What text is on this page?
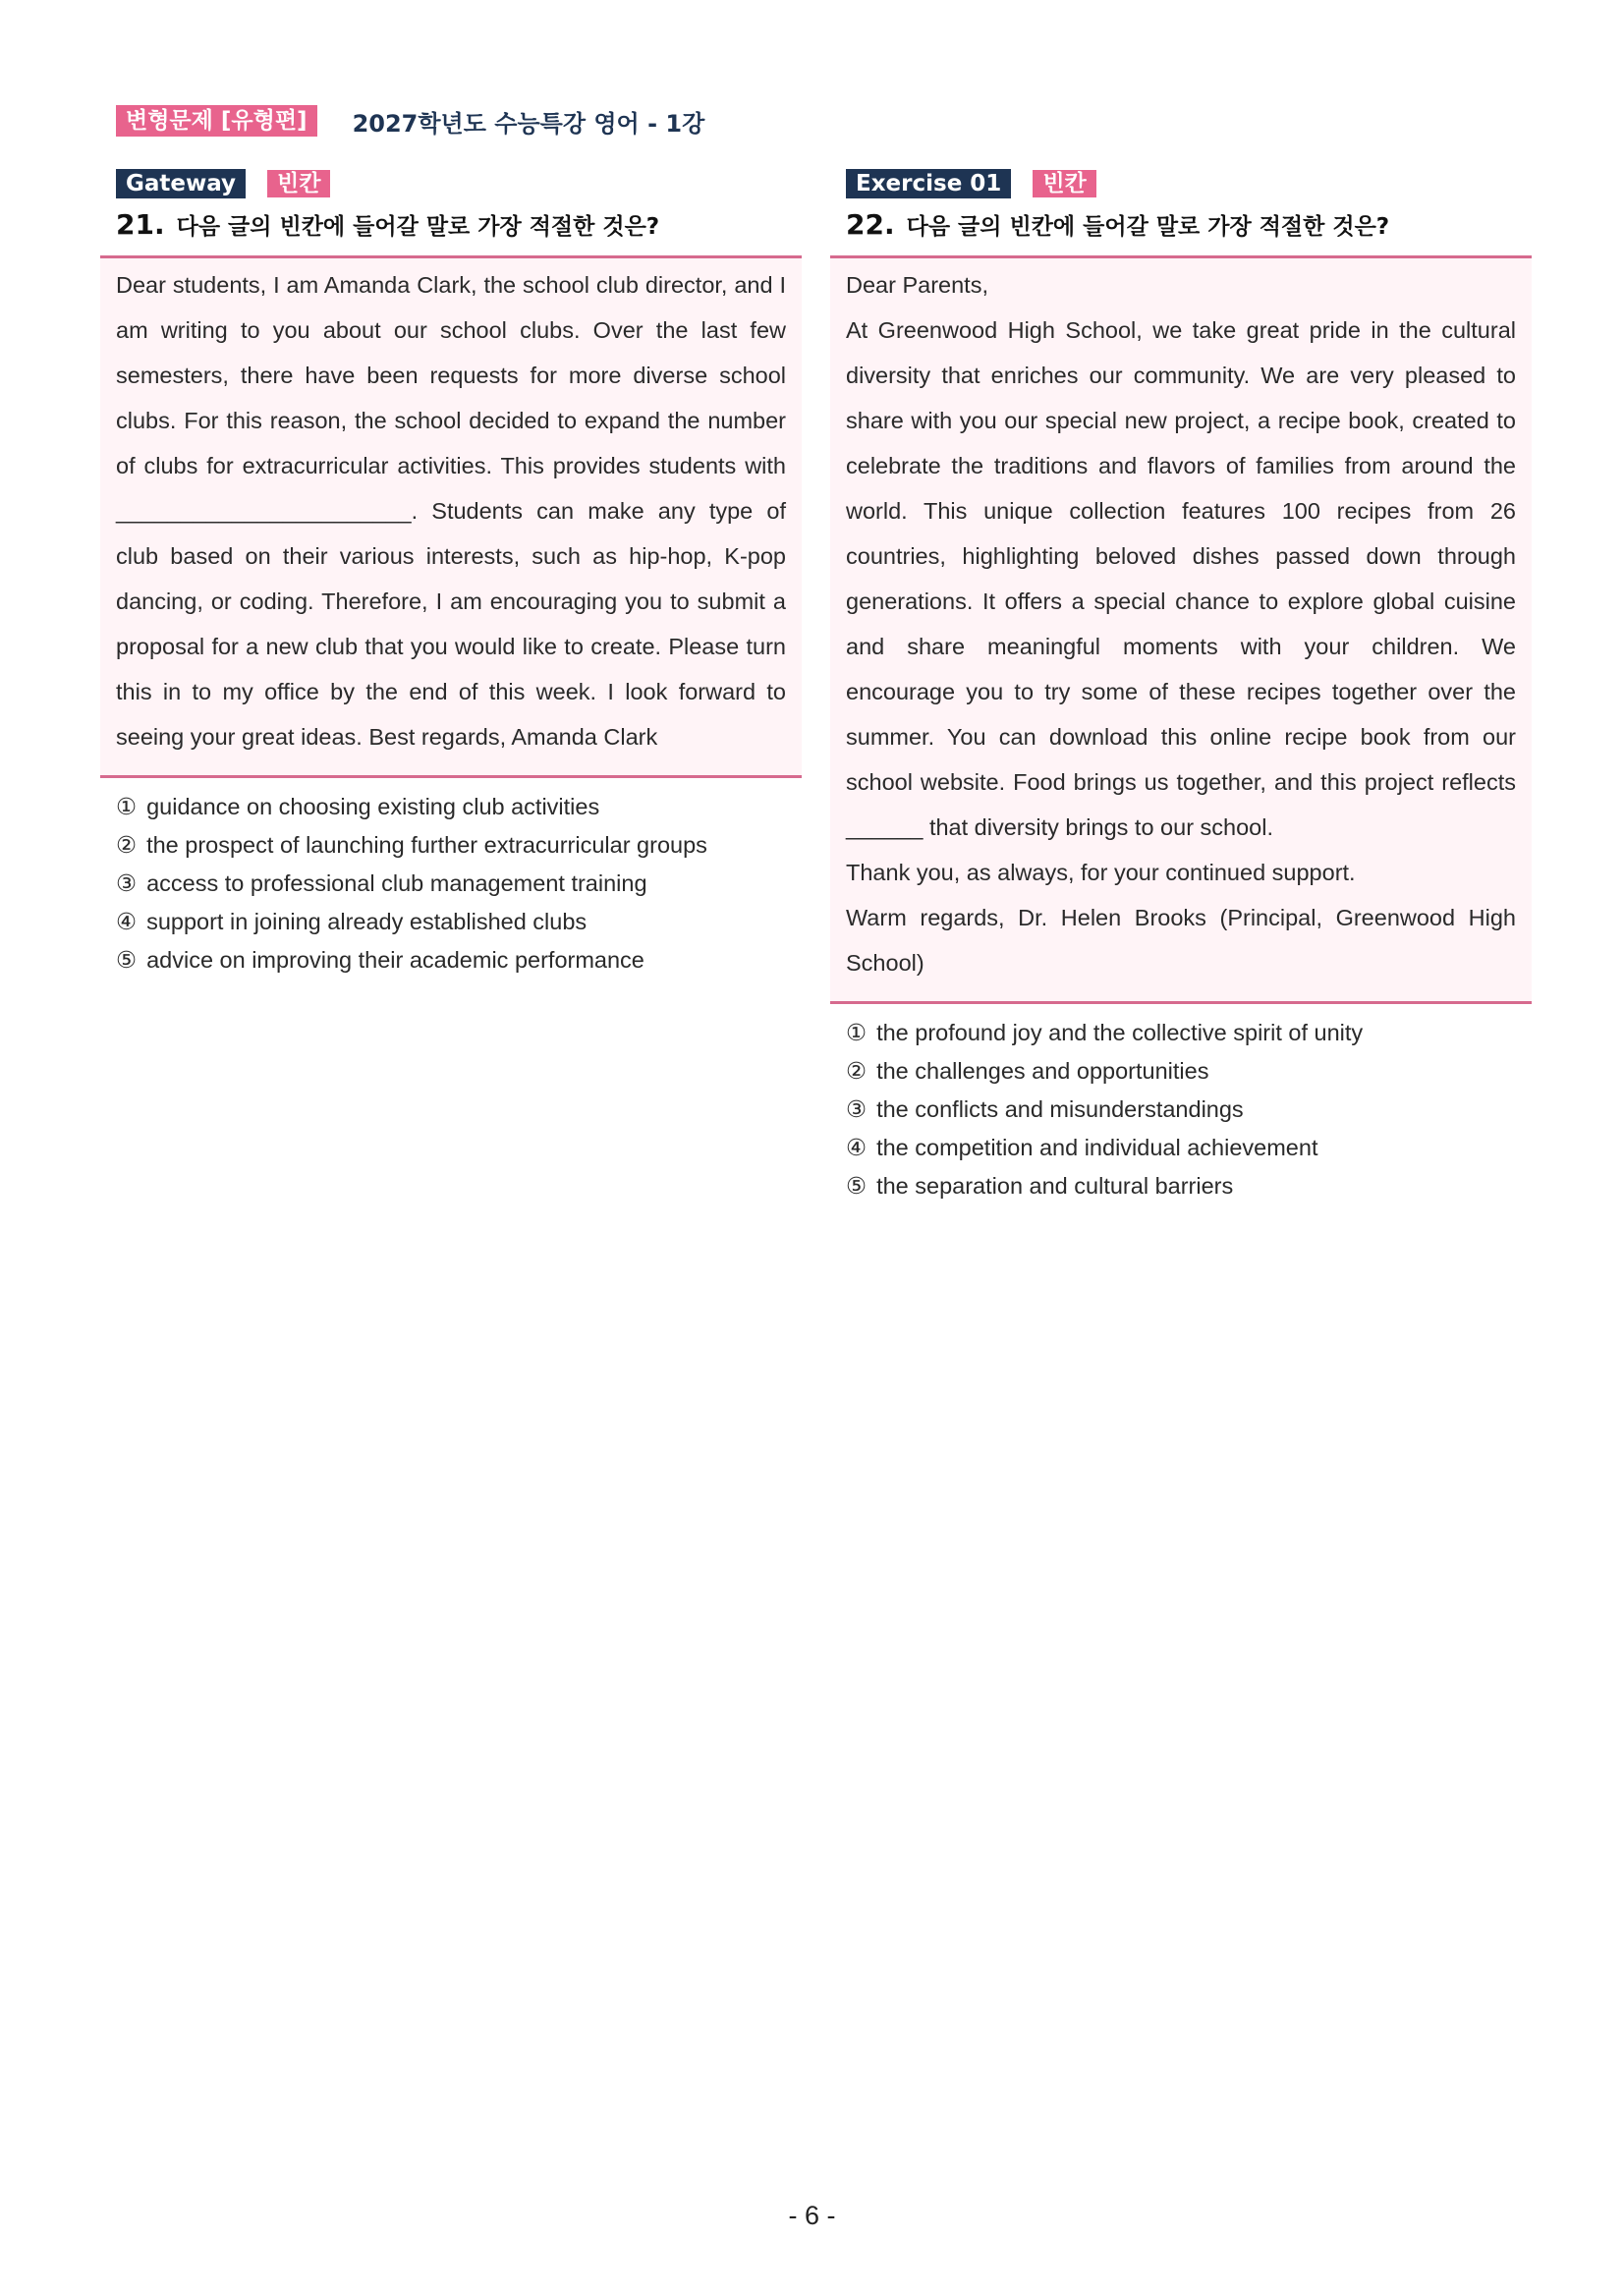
변형문제 [유형편]	2027학년도 수능특강 영어 - 1강
Gateway	빈칸
21. 다음 글의 빈칸에 들어갈 말로 가장 적절한 것은?

Dear students, I am Amanda Clark, the school club director, and I am writing to you about our school clubs. Over the last few semesters, there have been requests for more diverse school clubs. For this reason, the school decided to expand the number of clubs for extracurricular activities. This provides students with _______________________. Students can make any type of club based on their various interests, such as hip-hop, K-pop dancing, or coding. Therefore, I am encouraging you to submit a proposal for a new club that you would like to create. Please turn this in to my office by the end of this week. I look forward to seeing your great ideas. Best regards, Amanda Clark

① guidance on choosing existing club activities
② the prospect of launching further extracurricular groups
③ access to professional club management training
④ support in joining already established clubs
⑤ advice on improving their academic performance
Exercise 01	빈칸
22. 다음 글의 빈칸에 들어갈 말로 가장 적절한 것은?

Dear Parents,

At Greenwood High School, we take great pride in the cultural diversity that enriches our community. We are very pleased to share with you our special new project, a recipe book, created to celebrate the traditions and flavors of families from around the world. This unique collection features 100 recipes from 26 countries, highlighting beloved dishes passed down through generations. It offers a special chance to explore global cuisine and share meaningful moments with your children. We encourage you to try some of these recipes together over the summer. You can download this online recipe book from our school website. Food brings us together, and this project reflects ______ that diversity brings to our school.

Thank you, as always, for your continued support.

Warm regards, Dr. Helen Brooks (Principal, Greenwood High School)

① the profound joy and the collective spirit of unity
② the challenges and opportunities
③ the conflicts and misunderstandings
④ the competition and individual achievement
⑤ the separation and cultural barriers
- 6 -
